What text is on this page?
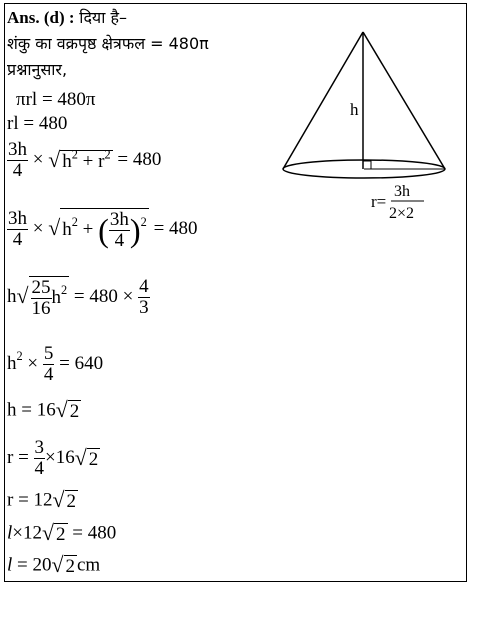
Ans. (d) : दिया है–
शंकु का वक्रपृष्ठ क्षेत्रफल = 480π
प्रश्नानुसार,
πrl = 480π
rl = 480
$\frac{3h}{4}$ × √ $h^2 + r^2 = 480$
$\frac{3h}{4}$ × √ $h^2$ + ( $\frac{3h}{4} )^2 = 480$
$h√ \frac{25}{16} h^2 = 480 \times \frac{4}{3}$
$h^2 \times \frac{5}{4} = 640$
h = 16√ 2
$r = \frac{3}{4} \times 16√$ 2
r = 12√ 2
l×12√ 2 = 480
l = 20√ 2 cm
h
r=
3h
2×2
